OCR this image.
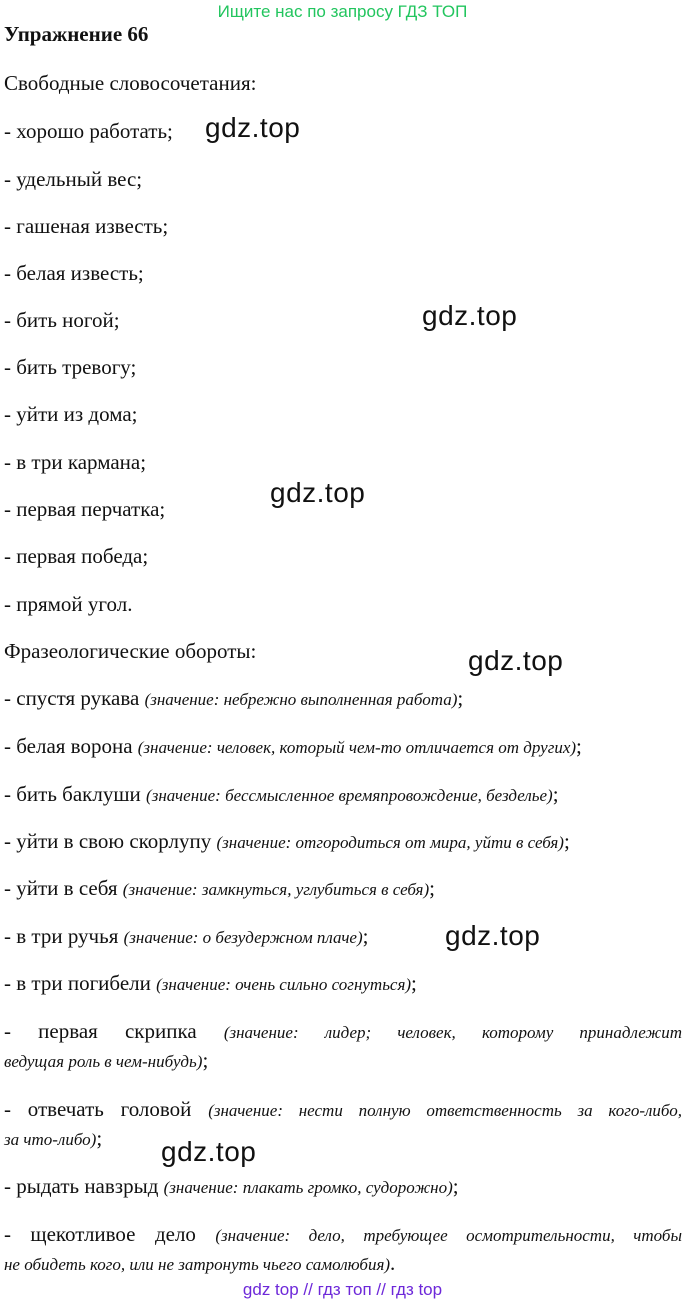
Ищите нас по запросу ГДЗ ТОП
Упражнение 66
Свободные словосочетания:
- хорошо работать;
- удельный вес;
- гашеная известь;
- белая известь;
- бить ногой;
- бить тревогу;
- уйти из дома;
- в три кармана;
- первая перчатка;
- первая победа;
- прямой угол.
Фразеологические обороты:
- спустя рукава (значение: небрежно выполненная работа);
- белая ворона (значение: человек, который чем-то отличается от других);
- бить баклуши (значение: бессмысленное времяпровождение, безделье);
- уйти в свою скорлупу (значение: отгородиться от мира, уйти в себя);
- уйти в себя (значение: замкнуться, углубиться в себя);
- в три ручья (значение: о безудержном плаче);
- в три погибели (значение: очень сильно согнуться);
- первая скрипка (значение: лидер; человек, которому принадлежит
ведущая роль в чем-нибудь);
- отвечать головой (значение: нести полную ответственность за кого-либо,
за что-либо);
- рыдать навзрыд (значение: плакать громко, судорожно);
- щекотливое дело (значение: дело, требующее осмотрительности, чтобы
не обидеть кого, или не затронуть чьего самолюбия).
gdz.top
gdz.top
gdz.top
gdz.top
gdz.top
gdz.top
gdz top // гдз топ // гдз top
